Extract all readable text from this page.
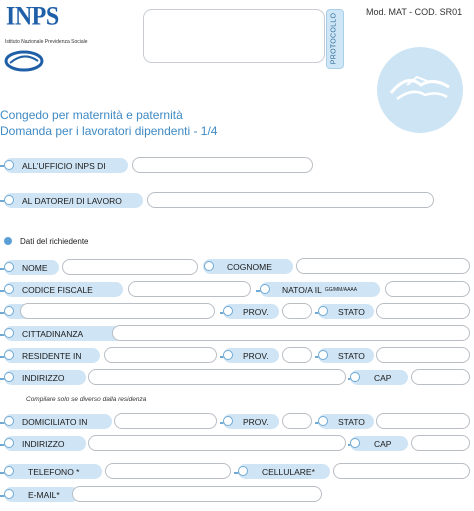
INPS
Istituto Nazionale Previdenza Sociale	PROTOCOLLO
Mod. MAT - COD. SR01
Congedo per maternità e paternità
Domanda per i lavoratori dipendenti - 1/4
ALL’UFFICIO INPS DI
AL DATORE/I DI LAVORO
Dati del richiedente
NOME	COGNOME
CODICE FISCALE	NATO/A IL GG/MM/AAAA
PROV.	STATO
CITTADINANZA
RESIDENTE IN	PROV.	STATO
INDIRIZZO	CAP
Compilare solo se diverso dalla residenza
DOMICILIATO IN	PROV.	STATO
INDIRIZZO	CAP
TELEFONO *	CELLULARE*
E-MAIL*
